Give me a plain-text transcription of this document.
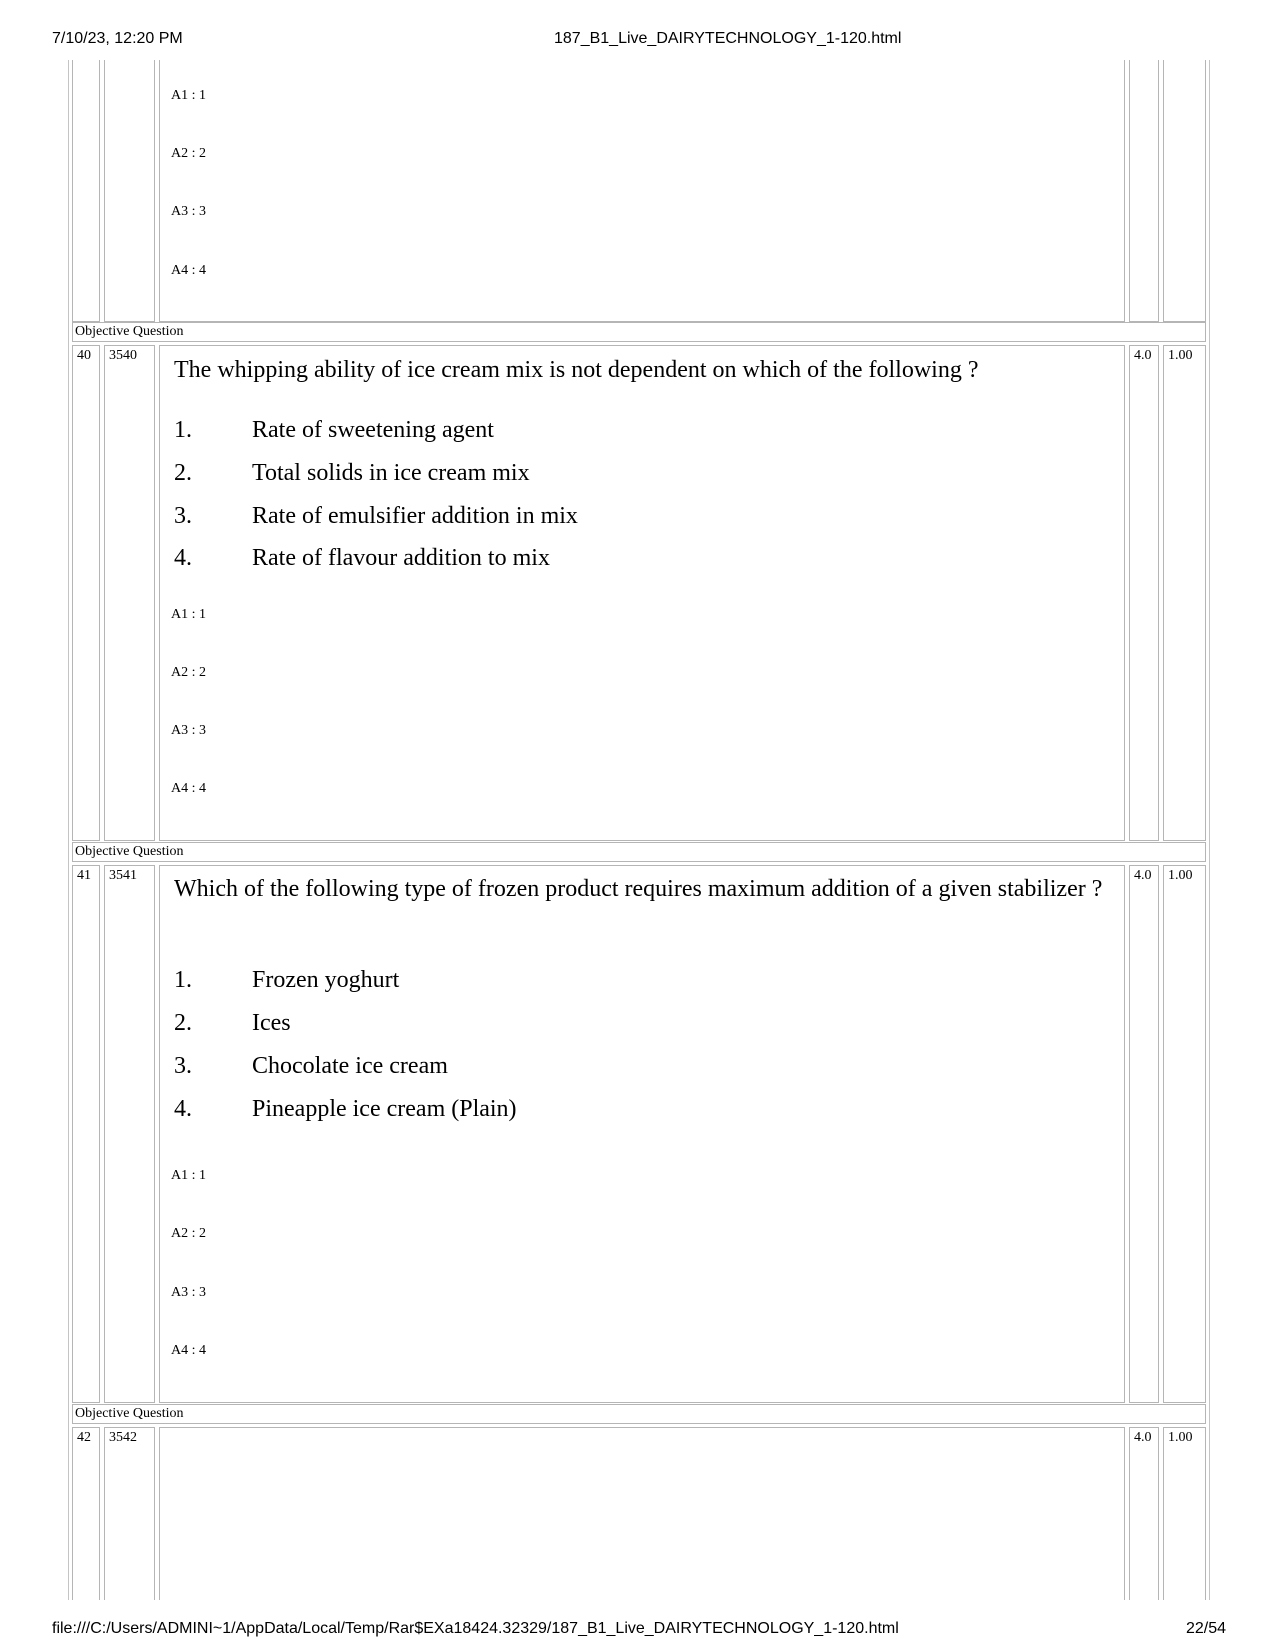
7/10/23, 12:20 PM	187_B1_Live_DAIRYTECHNOLOGY_1-120.html
file:///C:/Users/ADMINI~1/AppData/Local/Temp/Rar$EXa18424.32329/187_B1_Live_DAIRYTECHNOLOGY_1-120.html	22/54
A1 : 1
A2 : 2
A3 : 3
A4 : 4
Objective Question
40	3540	4.0	1.00
The whipping ability of ice cream mix is not dependent on which of the following ?
1.	Rate of sweetening agent
2.	Total solids in ice cream mix
3.	Rate of emulsifier addition in mix
4.	Rate of flavour addition to mix
A1 : 1
A2 : 2
A3 : 3
A4 : 4
Objective Question
41	3541	4.0	1.00
Which of the following type of frozen product requires maximum addition of a given stabilizer ?
1.	Frozen yoghurt
2.	Ices
3.	Chocolate ice cream
4.	Pineapple ice cream (Plain)
A1 : 1
A2 : 2
A3 : 3
A4 : 4
Objective Question
42	3542	4.0	1.00
